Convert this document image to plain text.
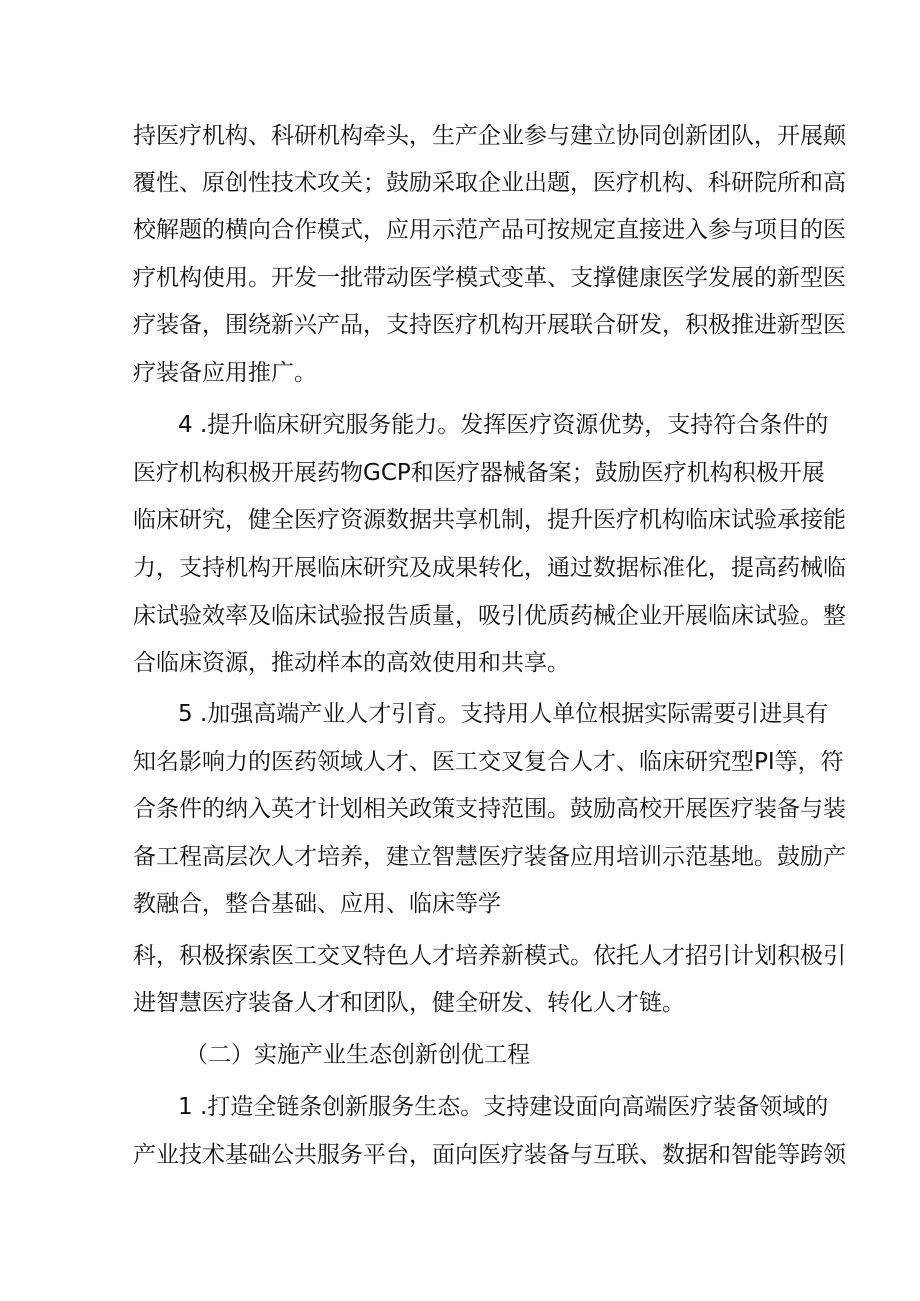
持医疗机构、科研机构牵头，生产企业参与建立协同创新团队，开展颠
覆性、原创性技术攻关；鼓励采取企业出题，医疗机构、科研院所和高
校解题的横向合作模式，应用示范产品可按规定直接进入参与项目的医
疗机构使用。开发一批带动医学模式变革、支撑健康医学发展的新型医
疗装备，围绕新兴产品，支持医疗机构开展联合研发，积极推进新型医
疗装备应用推广。
4 .提升临床研究服务能力。发挥医疗资源优势，支持符合条件的
医疗机构积极开展药物GCP和医疗器械备案；鼓励医疗机构积极开展
临床研究，健全医疗资源数据共享机制，提升医疗机构临床试验承接能
力，支持机构开展临床研究及成果转化，通过数据标准化，提高药械临
床试验效率及临床试验报告质量，吸引优质药械企业开展临床试验。整
合临床资源，推动样本的高效使用和共享。
5 .加强高端产业人才引育。支持用人单位根据实际需要引进具有
知名影响力的医药领域人才、医工交叉复合人才、临床研究型PI等，符
合条件的纳入英才计划相关政策支持范围。鼓励高校开展医疗装备与装
备工程高层次人才培养，建立智慧医疗装备应用培训示范基地。鼓励产
教融合，整合基础、应用、临床等学
科，积极探索医工交叉特色人才培养新模式。依托人才招引计划积极引
进智慧医疗装备人才和团队，健全研发、转化人才链。
（二）实施产业生态创新创优工程
1 .打造全链条创新服务生态。支持建设面向高端医疗装备领域的
产业技术基础公共服务平台，面向医疗装备与互联、数据和智能等跨领
